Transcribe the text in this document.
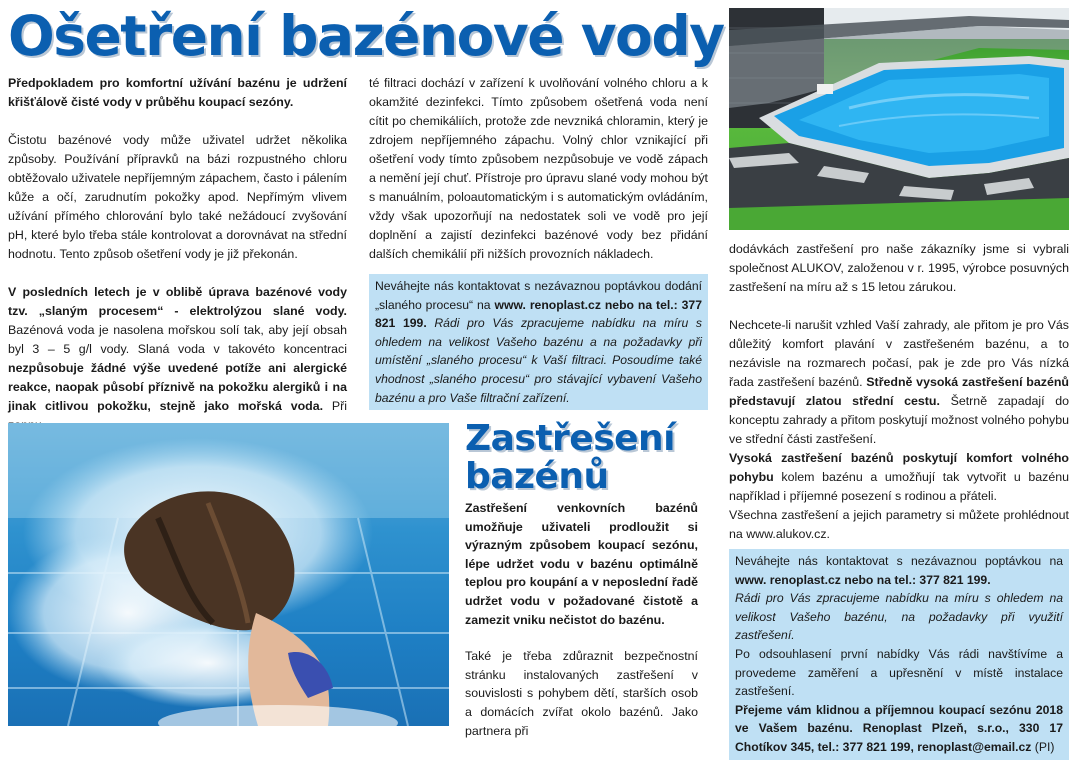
Ošetření bazénové vody

Předpokladem pro komfortní užívání bazénu je udržení křišťálově čisté vody v průběhu koupací sezóny.

Čistotu bazénové vody může uživatel udržet několika způsoby. Používání přípravků na bázi rozpustného chloru obtěžovalo uživatele nepříjemným zápachem, často i pálením kůže a očí, zarudnutím pokožky apod. Nepřímým vlivem užívání přímého chlorování bylo také nežádoucí zvyšování pH, které bylo třeba stále kontrolovat a dorovnávat na střední hodnotu. Tento způsob ošetření vody je již překonán.

V posledních letech je v oblibě úprava bazénové vody tzv. „slaným procesem“ - elektrolýzou slané vody. Bazénová voda je nasolena mořskou solí tak, aby její obsah byl 3 – 5 g/l vody. Slaná voda v takovéto koncentraci nezpůsobuje žádné výše uvedené potíže ani alergické reakce, naopak působí příznivě na pokožku alergiků i na jinak citlivou pokožku, stejně jako mořská voda. Při

té filtraci dochází v zařízení k uvolňování volného chloru a k okamžité dezinfekci. Tímto způsobem ošetřená voda není cítit po chemikáliích, protože zde nevzniká chloramin, který je zdrojem nepříjemného zápachu. Volný chlor vznikající při ošetření vody tímto způsobem nezpůsobuje ve vodě zápach a nemění její chuť. Přístroje pro úpravu slané vody mohou být s manuálním, poloautomatickým i s automatickým ovládáním, vždy však upozorňují na nedostatek soli ve vodě pro její doplnění a zajistí dezinfekci bazénové vody bez přidání dalších chemikálií při nižších provozních nákladech.

Neváhejte nás kontaktovat s nezávaznou poptávkou dodání „slaného procesu“ na www. renoplast.cz nebo na tel.: 377 821 199. Rádi pro Vás zpracujeme nabídku na míru s ohledem na velikost Vašeho bazénu a na požadavky při umístění „slaného procesu“ k Vaší filtraci. Posoudíme také vhodnost „slaného procesu“ pro stávající vybavení Vašeho bazénu a pro Vaše filtrační zařízení.

Zastřešení
bazénů

Zastřešení venkovních bazénů umožňuje uživateli prodloužit si výrazným způsobem koupací sezónu, lépe udržet vodu v bazénu optimálně teplou pro koupání a v neposlední řadě udržet vodu v požadované čistotě a zamezit vniku nečistot do bazénu.

Také je třeba zdůraznit bezpečnostní stránku instalovaných zastřešení v souvislosti s pohybem dětí, starších osob a domácích zvířat okolo bazénů. Jako partnera při

dodávkách zastřešení pro naše zákazníky jsme si vybrali společnost ALUKOV, založenou v r. 1995, výrobce posuvných zastřešení na míru až s 15 letou zárukou.

Nechcete-li narušit vzhled Vaší zahrady, ale přitom je pro Vás důležitý komfort plavání v zastřešeném bazénu, a to nezávisle na rozmarech počasí, pak je zde pro Vás nízká řada zastřešení bazénů. Středně vysoká zastřešení bazénů představují zlatou střední cestu. Šetrně zapadají do konceptu zahrady a přitom poskytují možnost volného pohybu ve střední části zastřešení.

Vysoká zastřešení bazénů poskytují komfort volného pohybu kolem bazénu a umožňují tak vytvořit u bazénu například i příjemné posezení s rodinou a přáteli.

Všechna zastřešení a jejich parametry si můžete prohlédnout na www.alukov.cz.

Neváhejte nás kontaktovat s nezávaznou poptávkou na www. renoplast.cz nebo na tel.: 377 821 199.

Rádi pro Vás zpracujeme nabídku na míru s ohledem na velikost Vašeho bazénu, na požadavky při využití zastřešení.

Po odsouhlasení první nabídky Vás rádi navštívíme a provedeme zaměření a upřesnění v místě instalace zastřešení.

Přejeme vám klidnou a příjemnou koupací sezónu 2018 ve Vašem bazénu. Renoplast Plzeň, s.r.o., 330 17 Chotíkov 345, tel.: 377 821 199, renoplast@email.cz (PI)
